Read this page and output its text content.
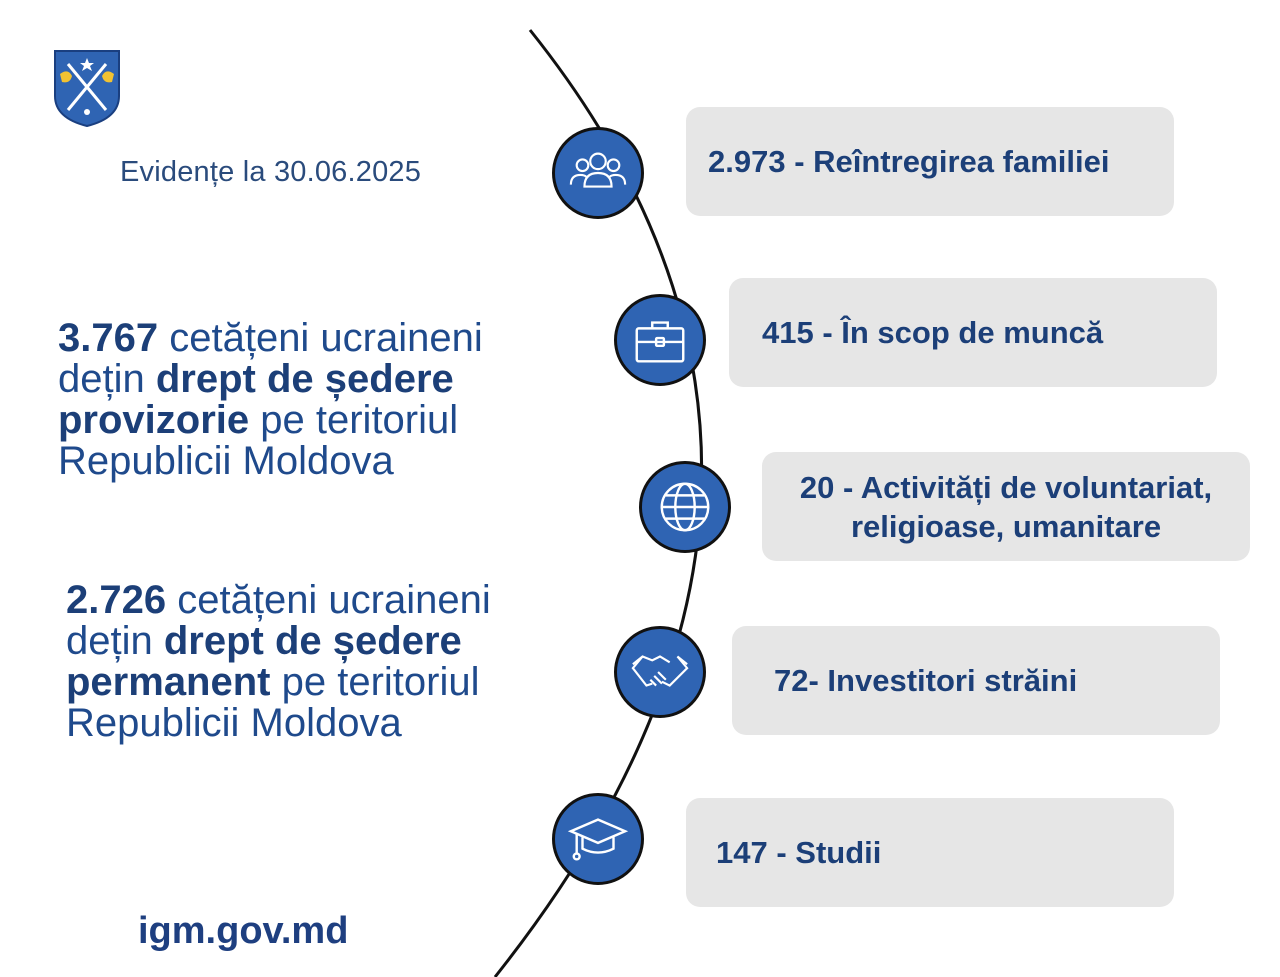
Evidențe la 30.06.2025
3.767 cetățeni ucraineni dețin drept de ședere provizorie pe teritoriul Republicii Moldova
2.726 cetățeni ucraineni dețin drept de ședere permanent pe teritoriul Republicii Moldova
igm.gov.md
2.973 - Reîntregirea familiei
415 - În scop de muncă
20 - Activități de voluntariat,
religioase, umanitare
72- Investitori străini
147 - Studii
